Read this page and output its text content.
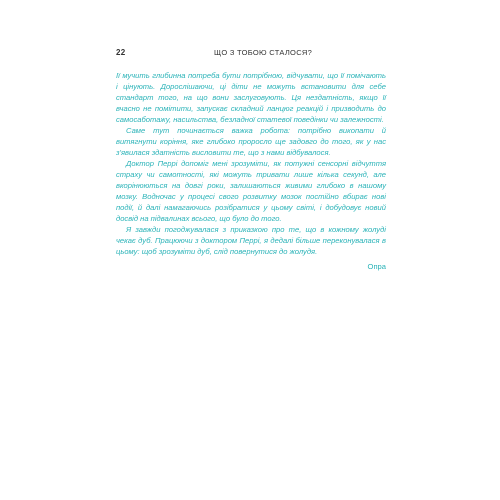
22	ЩО З ТОБОЮ СТАЛОСЯ?

Ії мучить глибинна потреба бути потрібною, відчувати, що її помічають і цінують. Дорослішаючи, ці діти не можуть встановити для себе стандарт того, на що вони заслуговують. Ця нездатність, якщо її вчасно не помітити, запускає складний ланцюг реакцій і призводить до самосаботажу, насильства, безладної статевої поведінки чи залежності.

Саме тут починається важка робота: потрібно викопати й витягнути коріння, яке глибоко проросло ще задовго до того, як у нас з'явилася здатність висловити те, що з нами відбувалося.

Доктор Перрі допоміг мені зрозуміти, як потужні сенсорні відчуття страху чи самотності, які можуть тривати лише кілька секунд, але вкорінюються на довгі роки, залишаються живими глибоко в нашому мозку. Водночас у процесі свого розвитку мозок постійно вбирає нові події, й далі намагаючись розібратися у цьому світі, і добудовує новий досвід на підвалинах всього, що було до того.

Я завжди погоджувалася з приказкою про те, що в кожному жолуді чекає дуб. Працюючи з доктором Перрі, я дедалі більше переконувалася в цьому: щоб зрозуміти дуб, слід повернутися до жолудя.

Опра
